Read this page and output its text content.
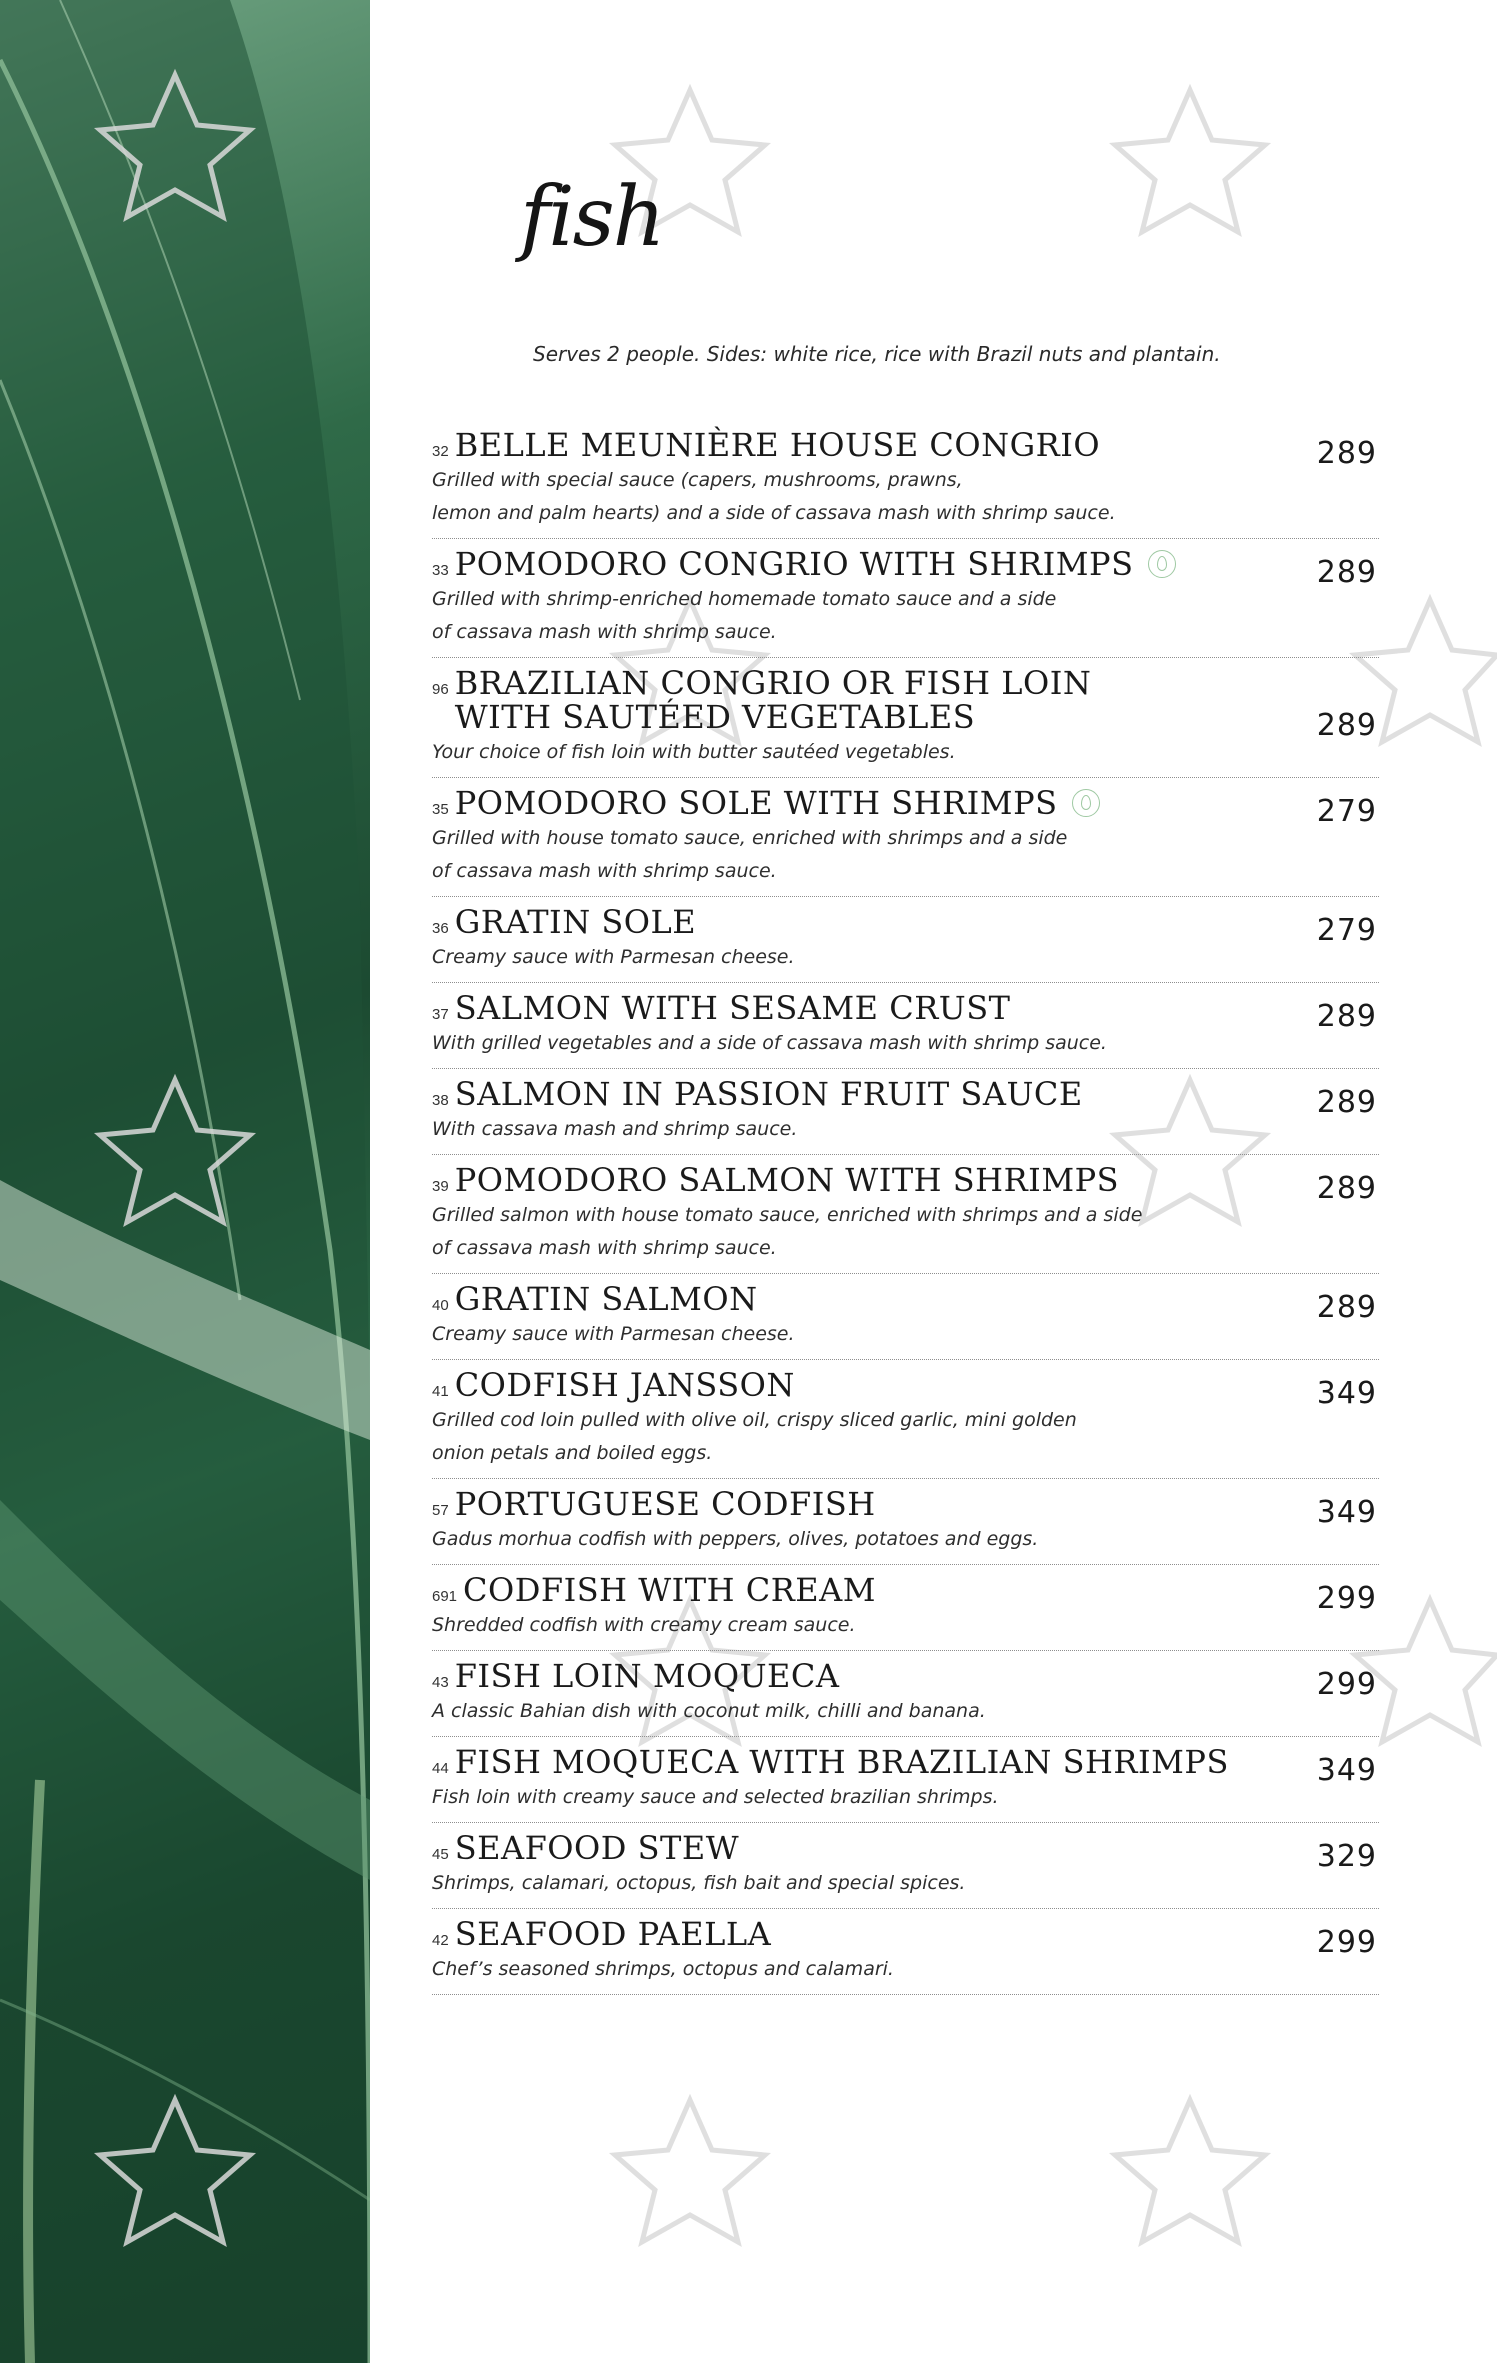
fish

Serves 2 people. Sides: white rice, rice with Brazil nuts and plantain.

32 BELLE MEUNIÈRE HOUSE CONGRIO	289
Grilled with special sauce (capers, mushrooms, prawns,
lemon and palm hearts) and a side of cassava mash with shrimp sauce.
33 POMODORO CONGRIO WITH SHRIMPS	289
Grilled with shrimp-enriched homemade tomato sauce and a side
of cassava mash with shrimp sauce.
96 BRAZILIAN CONGRIO OR FISH LOIN
WITH SAUTÉED VEGETABLES	289
Your choice of fish loin with butter sautéed vegetables.
35 POMODORO SOLE WITH SHRIMPS	279
Grilled with house tomato sauce, enriched with shrimps and a side
of cassava mash with shrimp sauce.
36 GRATIN SOLE	279
Creamy sauce with Parmesan cheese.
37 SALMON WITH SESAME CRUST	289
With grilled vegetables and a side of cassava mash with shrimp sauce.
38 SALMON IN PASSION FRUIT SAUCE	289
With cassava mash and shrimp sauce.
39 POMODORO SALMON WITH SHRIMPS	289
Grilled salmon with house tomato sauce, enriched with shrimps and a side
of cassava mash with shrimp sauce.
40 GRATIN SALMON	289
Creamy sauce with Parmesan cheese.
41 CODFISH JANSSON	349
Grilled cod loin pulled with olive oil, crispy sliced garlic, mini golden
onion petals and boiled eggs.
57 PORTUGUESE CODFISH	349
Gadus morhua codfish with peppers, olives, potatoes and eggs.
691 CODFISH WITH CREAM	299
Shredded codfish with creamy cream sauce.
43 FISH LOIN MOQUECA	299
A classic Bahian dish with coconut milk, chilli and banana.
44 FISH MOQUECA WITH BRAZILIAN SHRIMPS	349
Fish loin with creamy sauce and selected brazilian shrimps.
45 SEAFOOD STEW	329
Shrimps, calamari, octopus, fish bait and special spices.
42 SEAFOOD PAELLA	299
Chef’s seasoned shrimps, octopus and calamari.
